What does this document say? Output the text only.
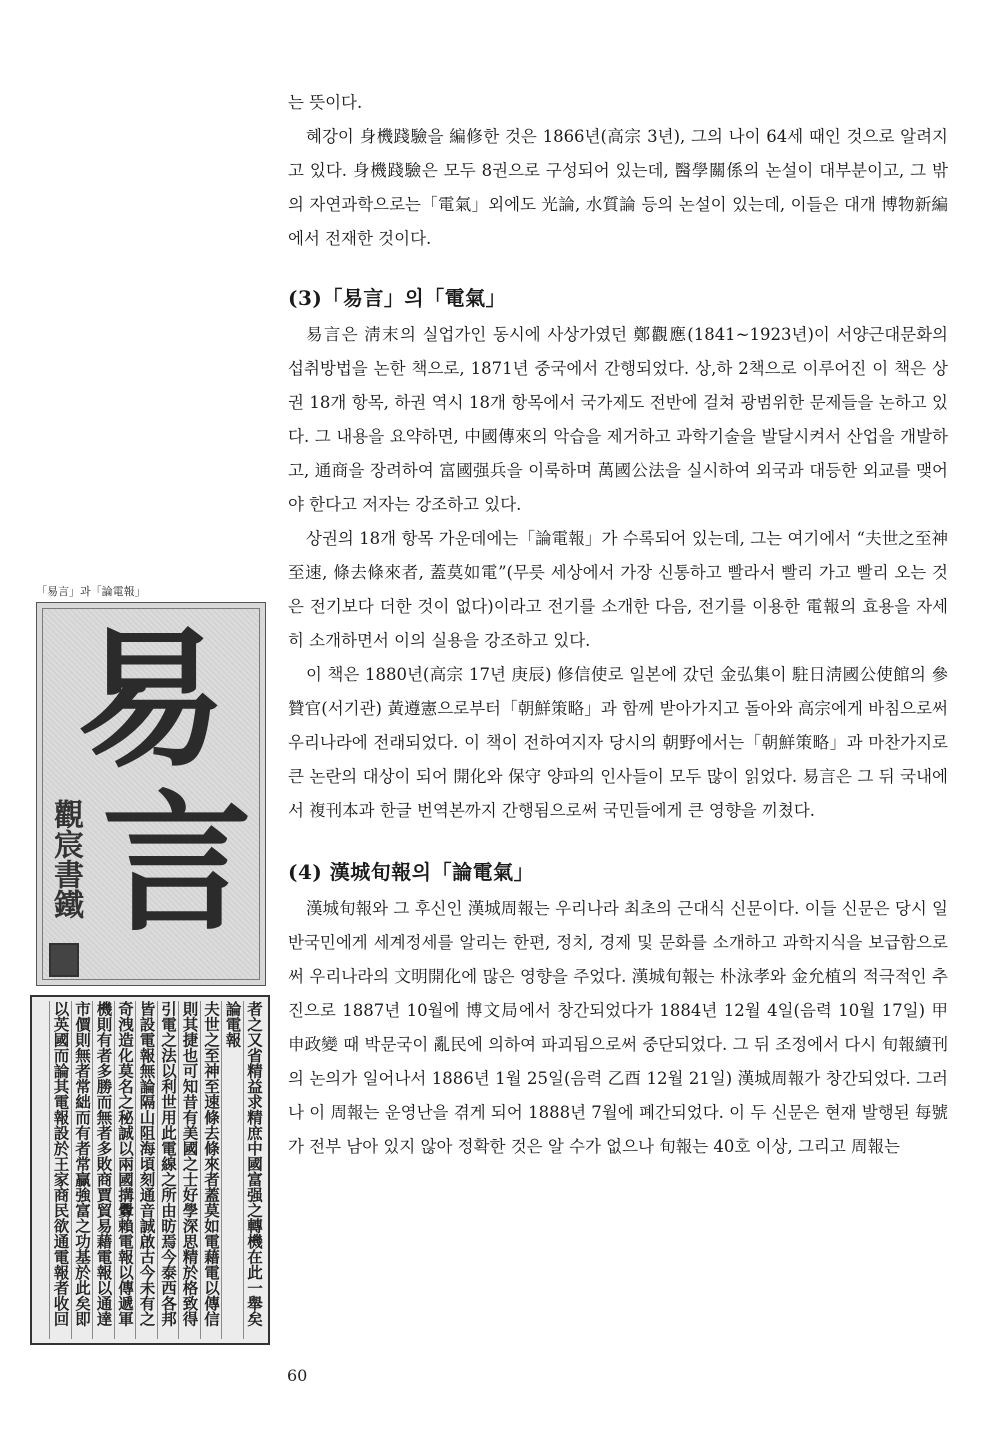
는 뜻이다.

혜강이 身機踐驗을 編修한 것은 1866년(高宗 3년), 그의 나이 64세 때인 것으로 알려지고 있다. 身機踐驗은 모두 8권으로 구성되어 있는데, 醫學關係의 논설이 대부분이고, 그 밖의 자연과학으로는「電氣」외에도 光論, 水質論 등의 논설이 있는데, 이들은 대개 博物新編에서 전재한 것이다.

(3)「易言」의「電氣」

易言은 淸末의 실업가인 동시에 사상가였던 鄭觀應(1841~1923년)이 서양근대문화의 섭취방법을 논한 책으로, 1871년 중국에서 간행되었다. 상,하 2책으로 이루어진 이 책은 상권 18개 항목, 하권 역시 18개 항목에서 국가제도 전반에 걸쳐 광범위한 문제들을 논하고 있다. 그 내용을 요약하면, 中國傳來의 악습을 제거하고 과학기술을 발달시켜서 산업을 개발하고, 通商을 장려하여 富國强兵을 이룩하며 萬國公法을 실시하여 외국과 대등한 외교를 맺어야 한다고 저자는 강조하고 있다.

상권의 18개 항목 가운데에는「論電報」가 수록되어 있는데, 그는 여기에서 “夫世之至神至速, 條去條來者, 蓋莫如電”(무릇 세상에서 가장 신통하고 빨라서 빨리 가고 빨리 오는 것은 전기보다 더한 것이 없다)이라고 전기를 소개한 다음, 전기를 이용한 電報의 효용을 자세히 소개하면서 이의 실용을 강조하고 있다.

이 책은 1880년(高宗 17년 庚辰) 修信使로 일본에 갔던 金弘集이 駐日淸國公使館의 參贊官(서기관) 黃遵憲으로부터「朝鮮策略」과 함께 받아가지고 돌아와 高宗에게 바침으로써 우리나라에 전래되었다. 이 책이 전하여지자 당시의 朝野에서는「朝鮮策略」과 마찬가지로 큰 논란의 대상이 되어 開化와 保守 양파의 인사들이 모두 많이 읽었다. 易言은 그 뒤 국내에서 複刊本과 한글 번역본까지 간행됨으로써 국민들에게 큰 영향을 끼쳤다.

(4) 漢城旬報의「論電氣」

漢城旬報와 그 후신인 漢城周報는 우리나라 최초의 근대식 신문이다. 이들 신문은 당시 일반국민에게 세계정세를 알리는 한편, 정치, 경제 및 문화를 소개하고 과학지식을 보급함으로써 우리나라의 文明開化에 많은 영향을 주었다. 漢城旬報는 朴泳孝와 金允植의 적극적인 추진으로 1887년 10월에 博文局에서 창간되었다가 1884년 12월 4일(음력 10월 17일) 甲申政變 때 박문국이 亂民에 의하여 파괴됨으로써 중단되었다. 그 뒤 조정에서 다시 旬報續刊의 논의가 일어나서 1886년 1월 25일(음력 乙酉 12월 21일) 漢城周報가 창간되었다. 그러나 이 周報는 운영난을 겪게 되어 1888년 7월에 폐간되었다. 이 두 신문은 현재 발행된 每號가 전부 남아 있지 않아 정확한 것은 알 수가 없으나 旬報는 40호 이상, 그리고 周報는

「易言」과「論電報」
易
言
觀宸書鐵
者之又省精益求精庶中國富强之轉機在此一舉矣
論電報
夫世之至神至速條去條來者蓋莫如電藉電以傳信
則其捷也可知昔有美國之士好學深思精於格致得
引電之法以利世用此電線之所由昉焉今泰西各邦
皆設電報無論隔山阻海頃刻通音誠啟古今未有之
奇洩造化莫名之秘誠以兩國搆釁賴電報以傳遞軍
機則有者多勝而無者多敗商賈貿易藉電報以通達
市價則無者常絀而有者常贏強富之功基於此矣即
以英國而論其電報設於王家商民欲通電報者收回
60
